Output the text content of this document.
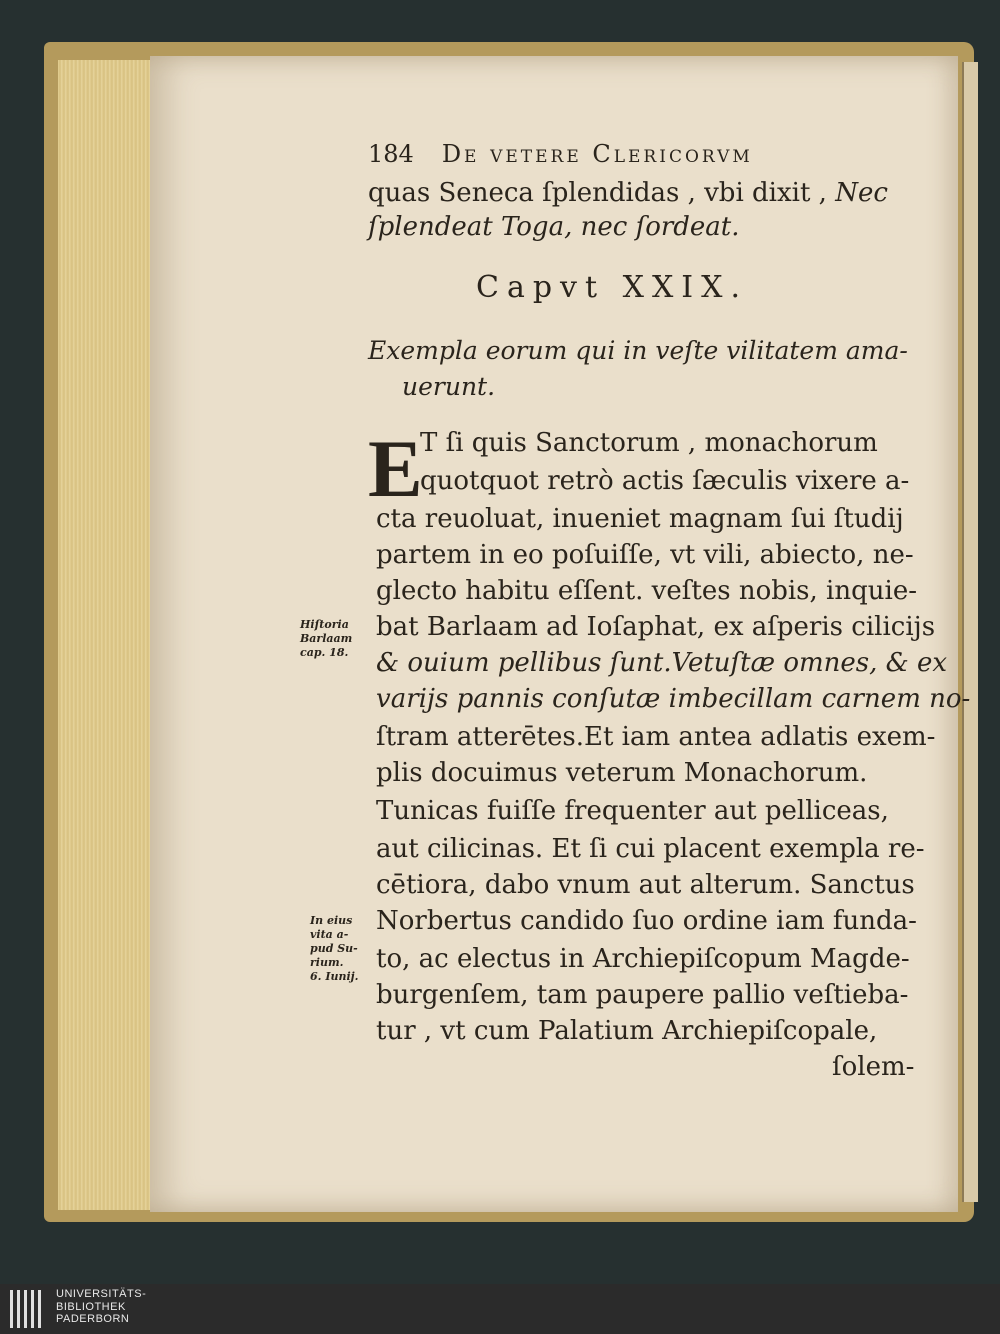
184 De vetere Clericorvm
quas Seneca ſplendidas , vbi dixit , Nec
ſplendeat Toga, nec ſordeat.
Capvt XXIX.
Exempla eorum qui in veſte vilitatem ama-
uerunt.
E
T ſi quis Sanctorum , monachorum
quotquot retrò actis ſæculis vixere a-
cta reuoluat, inueniet magnam ſui ſtudij
partem in eo poſuiſſe, vt vili, abiecto, ne-
glecto habitu eſſent. veſtes nobis, inquie-
bat Barlaam ad Ioſaphat, ex aſperis cilicijs
& ouium pellibus ſunt.Vetuſtæ omnes, & ex
varijs pannis conſutæ imbecillam carnem no-
ſtram atterētes.Et iam antea adlatis exem-
plis docuimus veterum Monachorum.
Tunicas fuiſſe frequenter aut pelliceas,
aut cilicinas. Et ſi cui placent exempla re-
cētiora, dabo vnum aut alterum. Sanctus
Norbertus candido ſuo ordine iam funda-
to, ac electus in Archiepiſcopum Magde-
burgenſem, tam paupere pallio veſtieba-
tur , vt cum Palatium Archiepiſcopale,
ſolem-
Hiſtoria
Barlaam
cap. 18.
In eius
vita a-
pud Su-
rium.
6. Iunij.
UNIVERSITÄTS-
BIBLIOTHEK
PADERBORN
